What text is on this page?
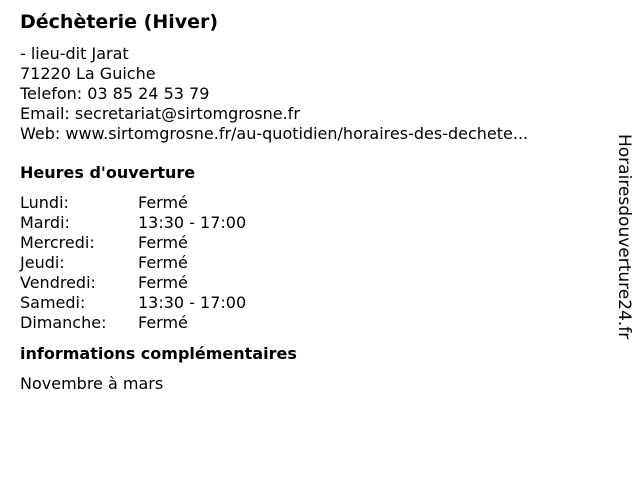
Déchèterie (Hiver)
- lieu-dit Jarat
71220 La Guiche
Telefon: 03 85 24 53 79
Email: secretariat@sirtomgrosne.fr
Web: www.sirtomgrosne.fr/au-quotidien/horaires-des-dechete...
Heures d'ouverture
Lundi:	Fermé
Mardi:	13:30 - 17:00
Mercredi:	Fermé
Jeudi:	Fermé
Vendredi:	Fermé
Samedi:	13:30 - 17:00
Dimanche:	Fermé
informations complémentaires
Novembre à mars
Horairesdouverture24.fr
